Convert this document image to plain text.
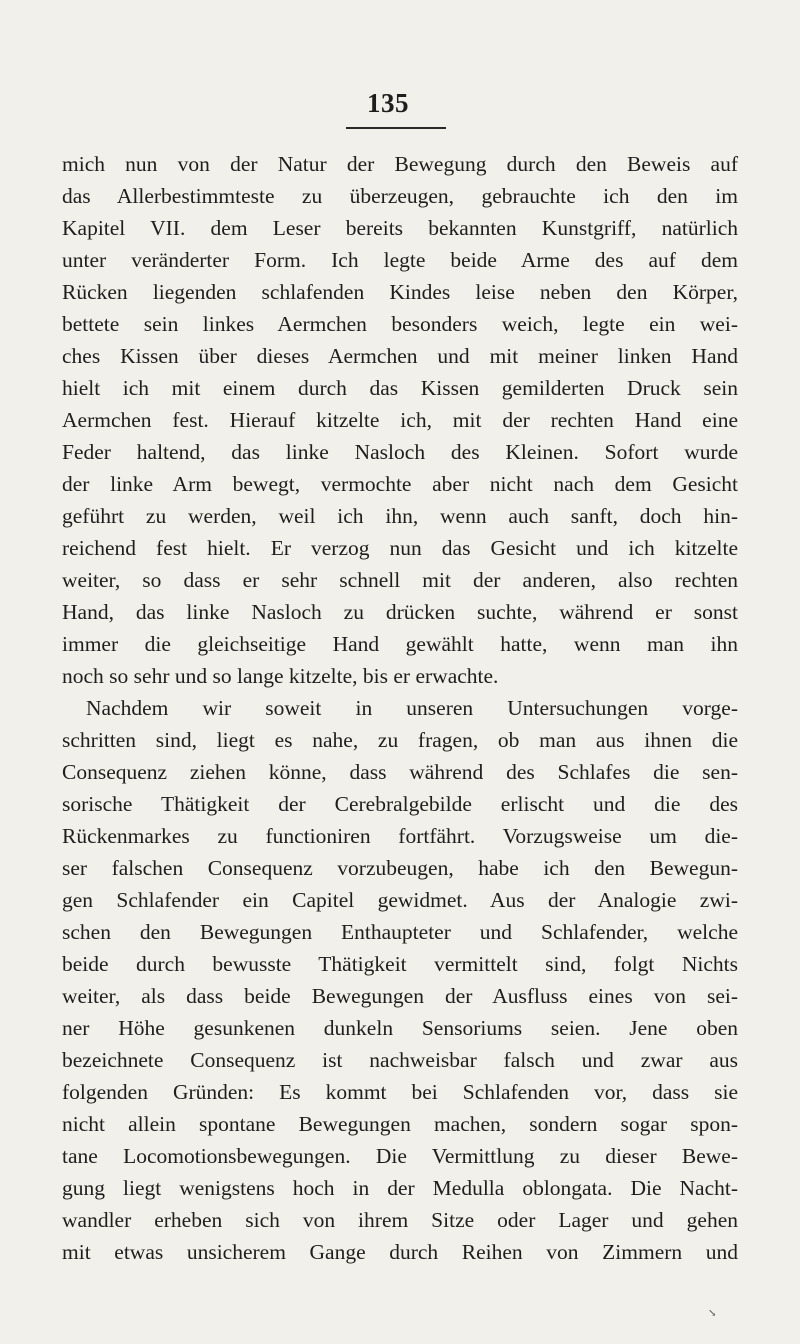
135
mich nun von der Natur der Bewegung durch den Beweis auf
das Allerbestimmteste zu überzeugen, gebrauchte ich den im
Kapitel VII. dem Leser bereits bekannten Kunstgriff, natürlich
unter veränderter Form. Ich legte beide Arme des auf dem
Rücken liegenden schlafenden Kindes leise neben den Körper,
bettete sein linkes Aermchen besonders weich, legte ein wei-
ches Kissen über dieses Aermchen und mit meiner linken Hand
hielt ich mit einem durch das Kissen gemilderten Druck sein
Aermchen fest. Hierauf kitzelte ich, mit der rechten Hand eine
Feder haltend, das linke Nasloch des Kleinen. Sofort wurde
der linke Arm bewegt, vermochte aber nicht nach dem Gesicht
geführt zu werden, weil ich ihn, wenn auch sanft, doch hin-
reichend fest hielt. Er verzog nun das Gesicht und ich kitzelte
weiter, so dass er sehr schnell mit der anderen, also rechten
Hand, das linke Nasloch zu drücken suchte, während er sonst
immer die gleichseitige Hand gewählt hatte, wenn man ihn
noch so sehr und so lange kitzelte, bis er erwachte.
Nachdem wir soweit in unseren Untersuchungen vorge-
schritten sind, liegt es nahe, zu fragen, ob man aus ihnen die
Consequenz ziehen könne, dass während des Schlafes die sen-
sorische Thätigkeit der Cerebralgebilde erlischt und die des
Rückenmarkes zu functioniren fortfährt. Vorzugsweise um die-
ser falschen Consequenz vorzubeugen, habe ich den Bewegun-
gen Schlafender ein Capitel gewidmet. Aus der Analogie zwi-
schen den Bewegungen Enthaupteter und Schlafender, welche
beide durch bewusste Thätigkeit vermittelt sind, folgt Nichts
weiter, als dass beide Bewegungen der Ausfluss eines von sei-
ner Höhe gesunkenen dunkeln Sensoriums seien. Jene oben
bezeichnete Consequenz ist nachweisbar falsch und zwar aus
folgenden Gründen: Es kommt bei Schlafenden vor, dass sie
nicht allein spontane Bewegungen machen, sondern sogar spon-
tane Locomotionsbewegungen. Die Vermittlung zu dieser Bewe-
gung liegt wenigstens hoch in der Medulla oblongata. Die Nacht-
wandler erheben sich von ihrem Sitze oder Lager und gehen
mit etwas unsicherem Gange durch Reihen von Zimmern und
↘
